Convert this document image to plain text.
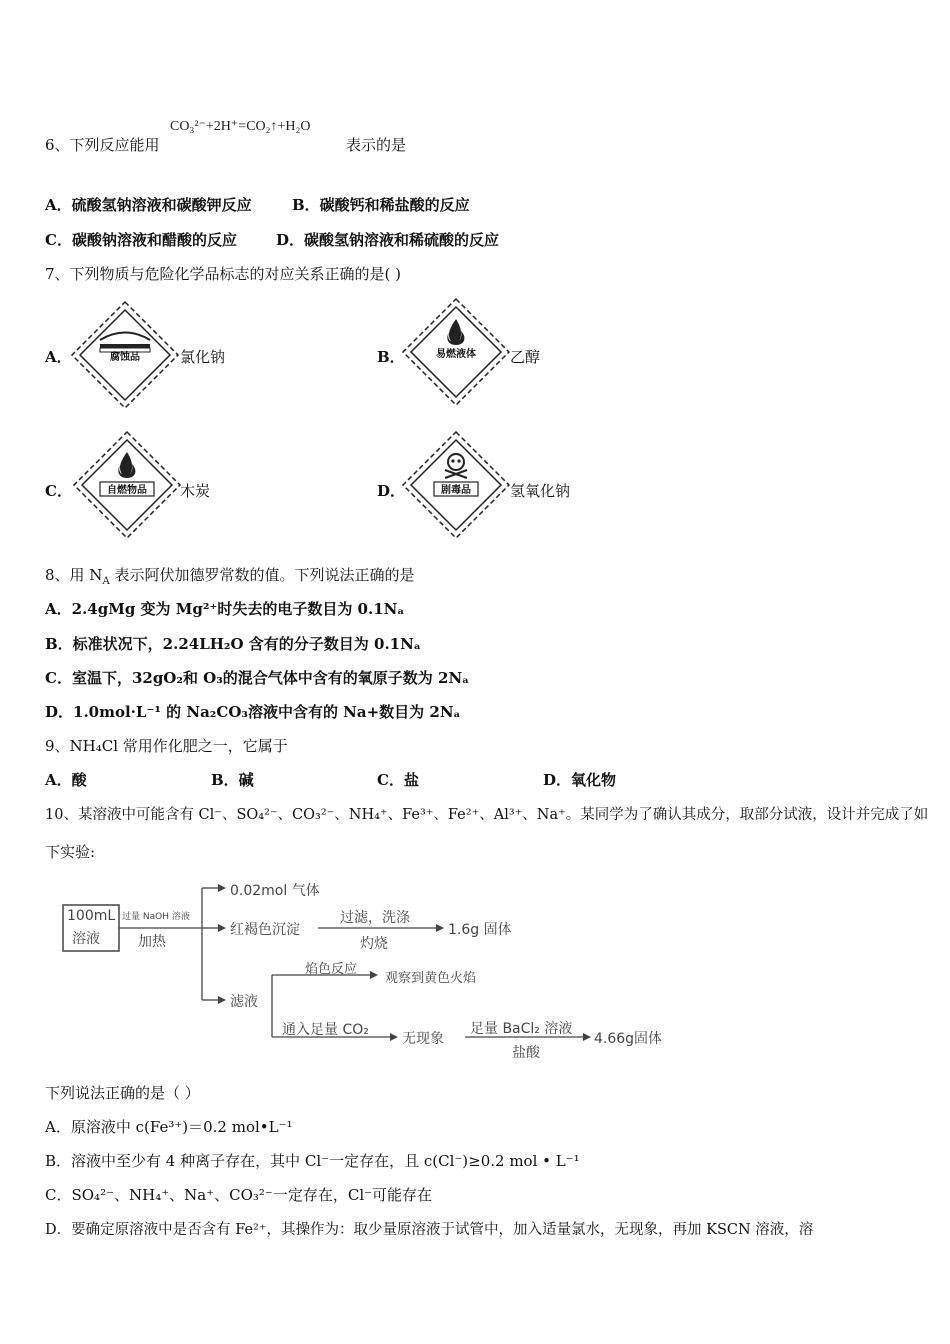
6、下列反应能用
CO₃²⁻+2H⁺=CO₂↑+H₂O
表示的是
A．硫酸氢钠溶液和碳酸钾反应	B．碳酸钙和稀盐酸的反应
C．碳酸钠溶液和醋酸的反应	D．碳酸氢钠溶液和稀硫酸的反应
7、下列物质与危险化学品标志的对应关系正确的是( )
A．	腐蚀品	氯化钠	B．	易燃液体 乙醇
C．	自燃物品 木炭	D．	剧毒品	氢氧化钠
8、用 $N_A$ 表示阿伏加德罗常数的值。下列说法正确的是
A．2.4gMg 变为 Mg²⁺时失去的电子数目为 0.1Nₐ
B．标准状况下，2.24LH₂O 含有的分子数目为 0.1Nₐ
C．室温下，32gO₂和 O₃的混合气体中含有的氧原子数为 2Nₐ
D．1.0mol·L⁻¹ 的 Na₂CO₃溶液中含有的 Na+数目为 2Nₐ
9、NH₄Cl 常用作化肥之一，它属于
A．酸	B．碱	C．盐	D．氧化物
10、某溶液中可能含有 Cl⁻、SO₄²⁻、CO₃²⁻、NH₄⁺、Fe³⁺、Fe²⁺、Al³⁺、Na⁺。某同学为了确认其成分，取部分试液，设计并完成了如
下实验:
100mL
溶液
过量 NaOH 溶液
加热
0.02mol 气体
红褐色沉淀
过滤，洗涤
灼烧
1.6g 固体
滤液
焰色反应
观察到黄色火焰
通入足量 CO₂
无现象
足量 BaCl₂ 溶液
盐酸
4.66g固体
下列说法正确的是（ ）
A．原溶液中 c(Fe³⁺)＝0.2 mol•L⁻¹
B．溶液中至少有 4 种离子存在，其中 Cl⁻一定存在，且 c(Cl⁻)≥0.2 mol • L⁻¹
C．SO₄²⁻、NH₄⁺、Na⁺、CO₃²⁻一定存在，Cl⁻可能存在
D．要确定原溶液中是否含有 Fe²⁺，其操作为：取少量原溶液于试管中，加入适量氯水，无现象，再加 KSCN 溶液，溶
